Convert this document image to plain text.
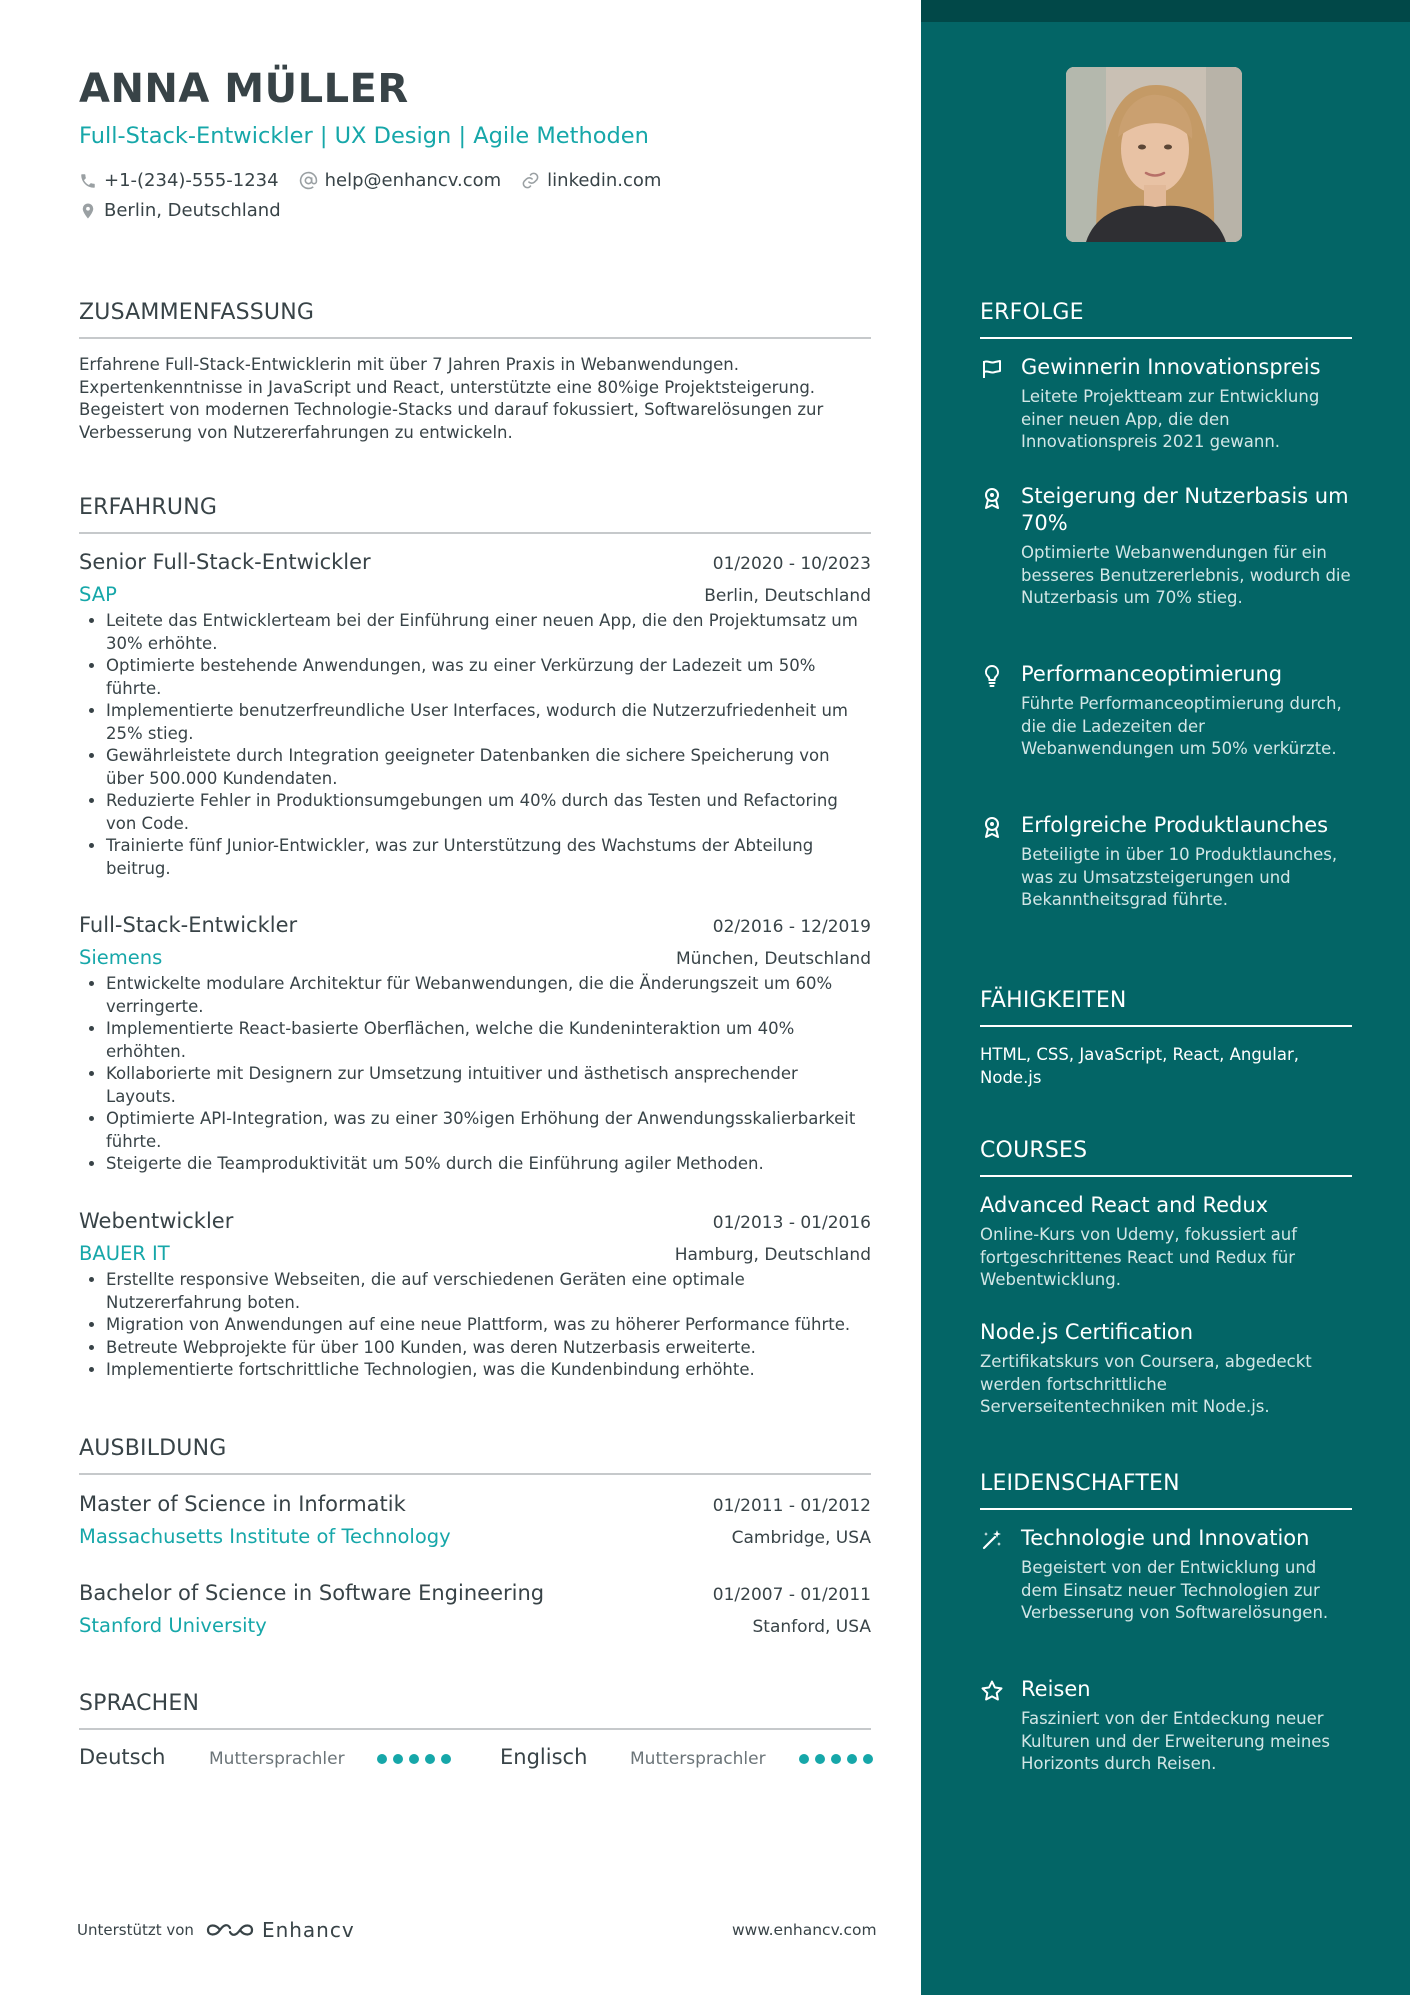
ANNA MÜLLER
Full-Stack-Entwickler | UX Design | Agile Methoden
+1-(234)-555-1234	help@enhancv.com	linkedin.com
Berlin, Deutschland
ZUSAMMENFASSUNG
Erfahrene Full-Stack-Entwicklerin mit über 7 Jahren Praxis in Webanwendungen. Expertenkenntnisse in JavaScript und React, unterstützte eine 80%ige Projektsteigerung. Begeistert von modernen Technologie-Stacks und darauf fokussiert, Softwarelösungen zur Verbesserung von Nutzererfahrungen zu entwickeln.
ERFAHRUNG
Senior Full-Stack-Entwickler	01/2020 - 10/2023
SAP	Berlin, Deutschland
• Leitete das Entwicklerteam bei der Einführung einer neuen App, die den Projektumsatz um 30% erhöhte.
• Optimierte bestehende Anwendungen, was zu einer Verkürzung der Ladezeit um 50% führte.
• Implementierte benutzerfreundliche User Interfaces, wodurch die Nutzerzufriedenheit um 25% stieg.
• Gewährleistete durch Integration geeigneter Datenbanken die sichere Speicherung von über 500.000 Kundendaten.
• Reduzierte Fehler in Produktionsumgebungen um 40% durch das Testen und Refactoring von Code.
• Trainierte fünf Junior-Entwickler, was zur Unterstützung des Wachstums der Abteilung beitrug.
Full-Stack-Entwickler	02/2016 - 12/2019
Siemens	München, Deutschland
• Entwickelte modulare Architektur für Webanwendungen, die die Änderungszeit um 60% verringerte.
• Implementierte React-basierte Oberflächen, welche die Kundeninteraktion um 40% erhöhten.
• Kollaborierte mit Designern zur Umsetzung intuitiver und ästhetisch ansprechender Layouts.
• Optimierte API-Integration, was zu einer 30%igen Erhöhung der Anwendungsskalierbarkeit führte.
• Steigerte die Teamproduktivität um 50% durch die Einführung agiler Methoden.
Webentwickler	01/2013 - 01/2016
BAUER IT	Hamburg, Deutschland
• Erstellte responsive Webseiten, die auf verschiedenen Geräten eine optimale Nutzererfahrung boten.
• Migration von Anwendungen auf eine neue Plattform, was zu höherer Performance führte.
• Betreute Webprojekte für über 100 Kunden, was deren Nutzerbasis erweiterte.
• Implementierte fortschrittliche Technologien, was die Kundenbindung erhöhte.
AUSBILDUNG
Master of Science in Informatik	01/2011 - 01/2012
Massachusetts Institute of Technology	Cambridge, USA
Bachelor of Science in Software Engineering	01/2007 - 01/2011
Stanford University	Stanford, USA
SPRACHEN
Deutsch	Muttersprachler	Englisch	Muttersprachler
Unterstützt von	Enhancv	www.enhancv.com
ERFOLGE
Gewinnerin Innovationspreis
Leitete Projektteam zur Entwicklung einer neuen App, die den Innovationspreis 2021 gewann.
Steigerung der Nutzerbasis um 70%
Optimierte Webanwendungen für ein besseres Benutzererlebnis, wodurch die Nutzerbasis um 70% stieg.
Performanceoptimierung
Führte Performanceoptimierung durch, die die Ladezeiten der Webanwendungen um 50% verkürzte.
Erfolgreiche Produktlaunches
Beteiligte in über 10 Produktlaunches, was zu Umsatzsteigerungen und Bekanntheitsgrad führte.
FÄHIGKEITEN
HTML, CSS, JavaScript, React, Angular, Node.js
COURSES
Advanced React and Redux
Online-Kurs von Udemy, fokussiert auf fortgeschrittenes React und Redux für Webentwicklung.
Node.js Certification
Zertifikatskurs von Coursera, abgedeckt werden fortschrittliche Serverseitentechniken mit Node.js.
LEIDENSCHAFTEN
Technologie und Innovation
Begeistert von der Entwicklung und dem Einsatz neuer Technologien zur Verbesserung von Softwarelösungen.
Reisen
Fasziniert von der Entdeckung neuer Kulturen und der Erweiterung meines Horizonts durch Reisen.
